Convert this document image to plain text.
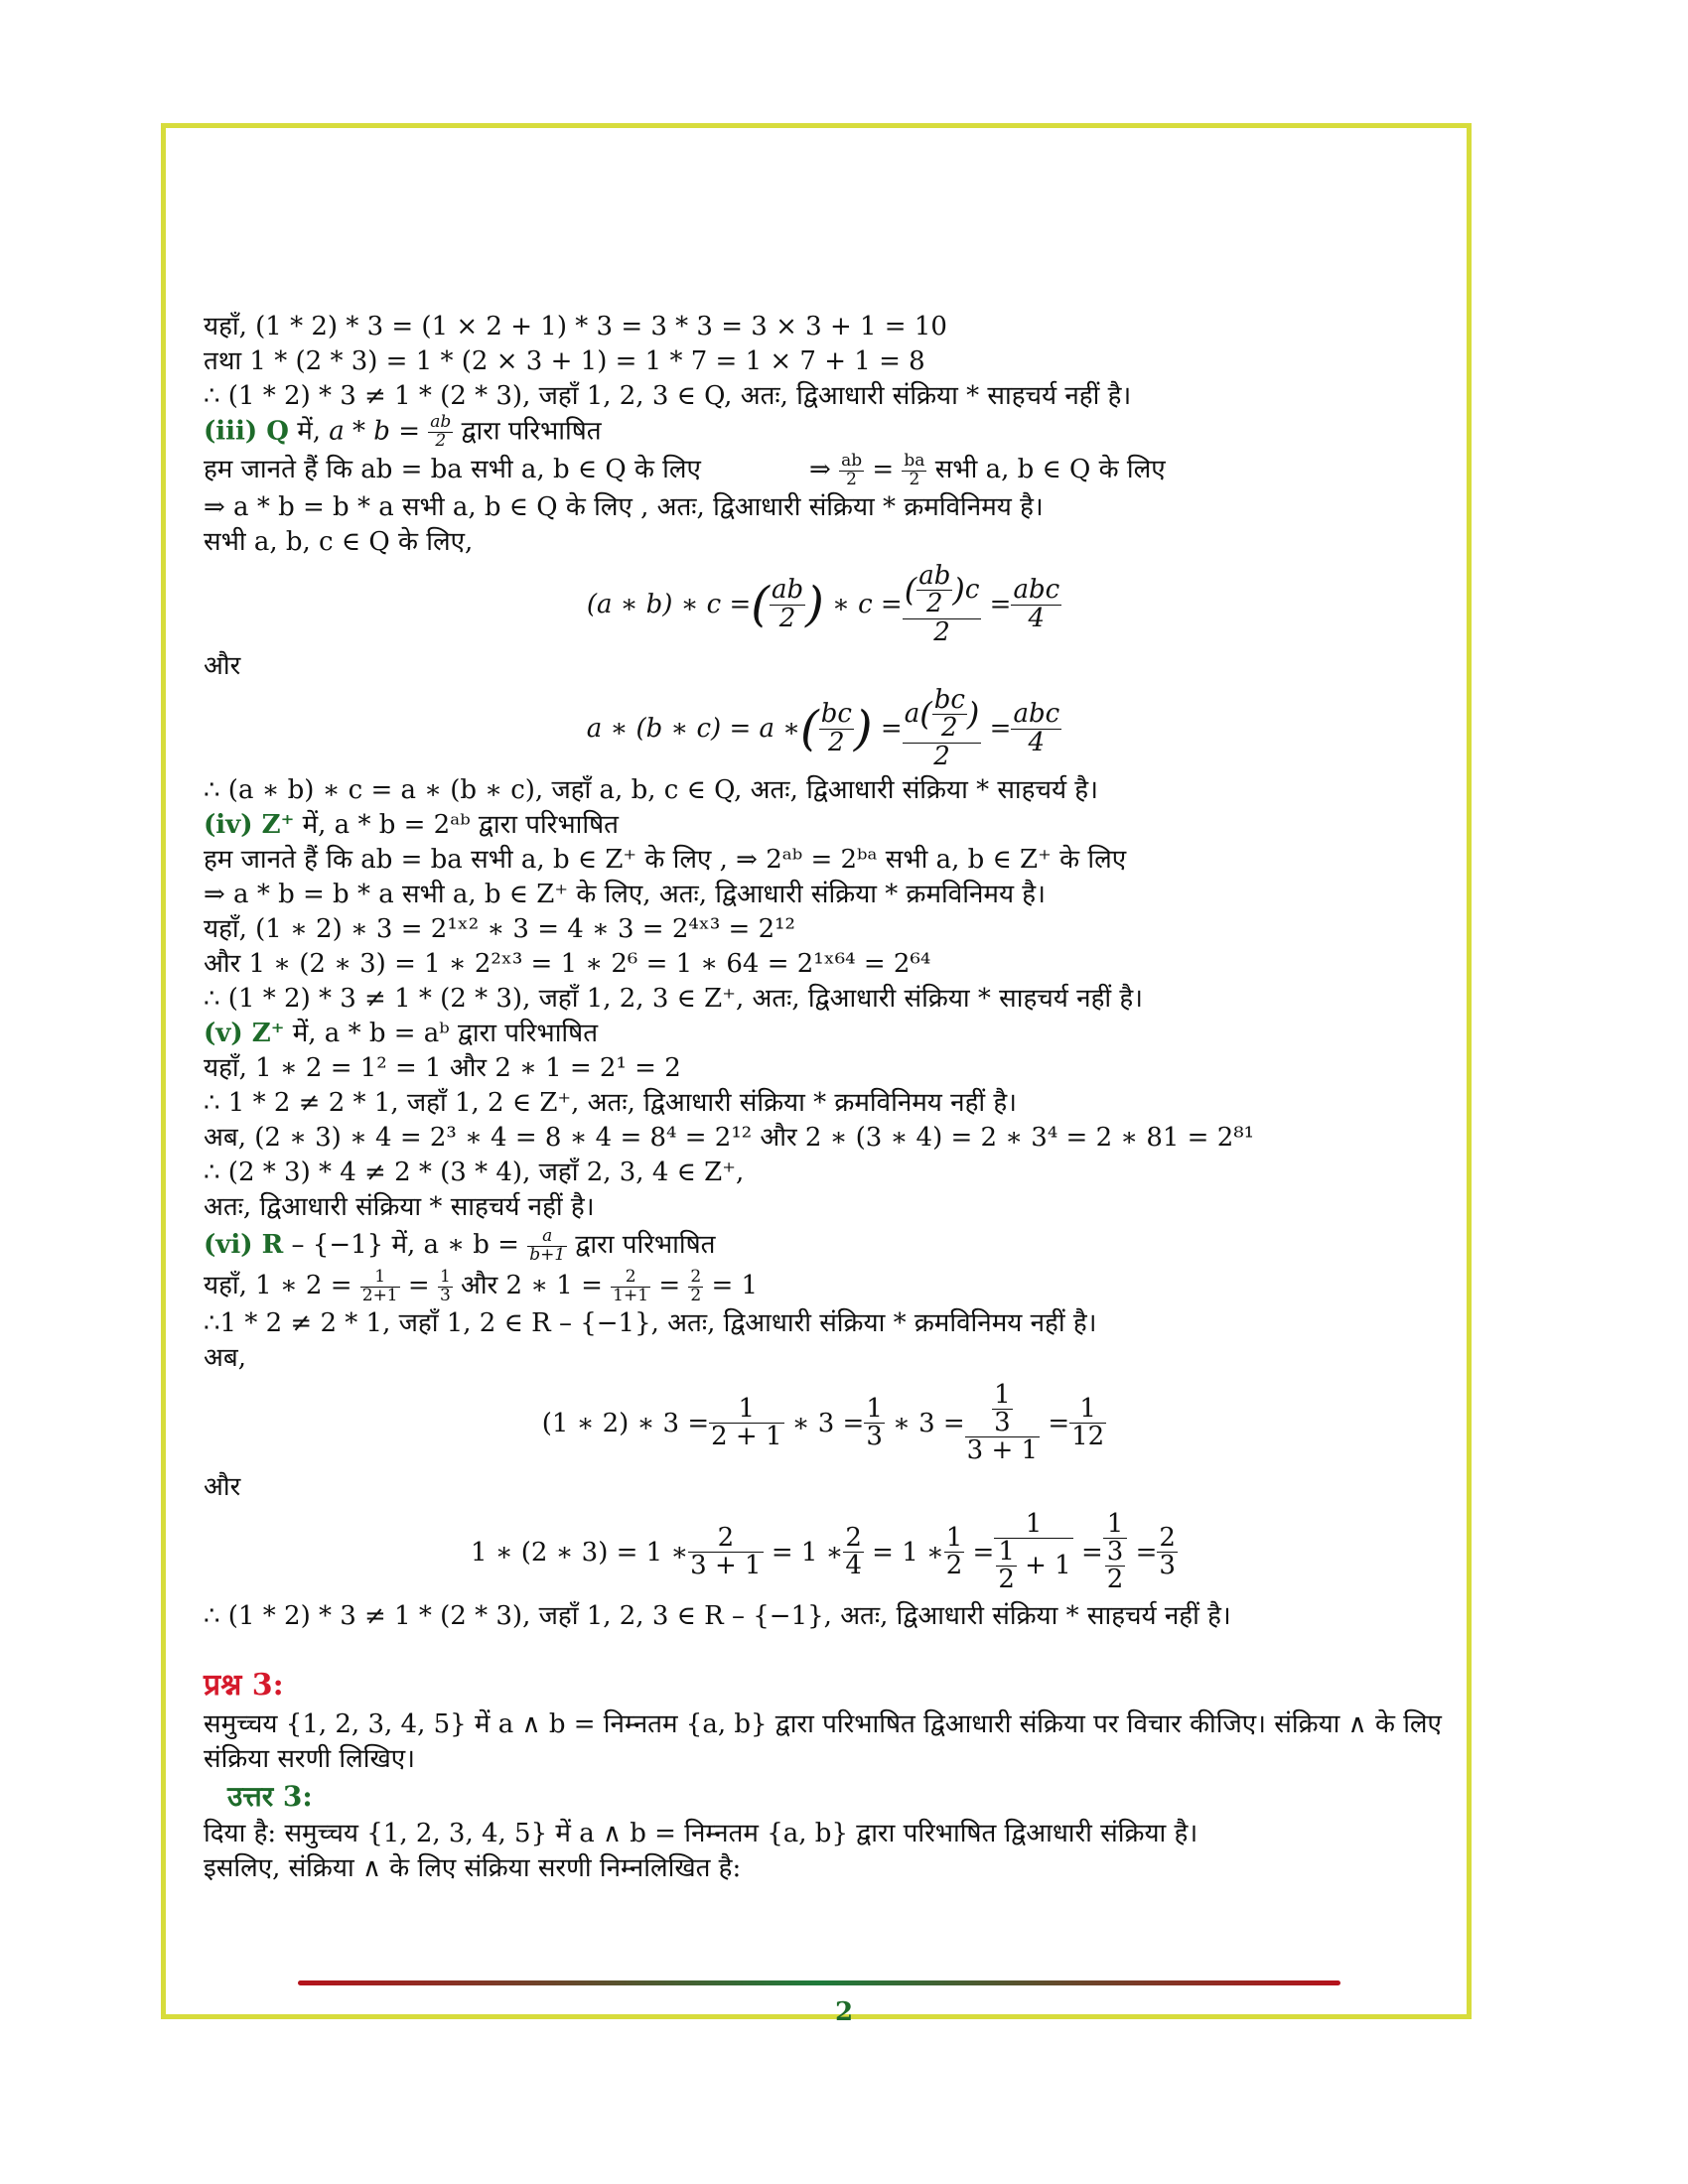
यहाँ, (1 * 2) * 3 = (1 × 2 + 1) * 3 = 3 * 3 = 3 × 3 + 1 = 10
तथा 1 * (2 * 3) = 1 * (2 × 3 + 1) = 1 * 7 = 1 × 7 + 1 = 8
∴ (1 * 2) * 3 ≠ 1 * (2 * 3), जहाँ 1, 2, 3 ∈ Q, अतः, द्विआधारी संक्रिया * साहचर्य नहीं है।
(iii) Q में, $a * b = \frac{ab}{2}$ द्वारा परिभाषित
हम जानते हैं कि ab = ba सभी a, b ∈ Q के लिए	⇒ $\frac{ab}{2} = \frac{ba}{2}$ सभी a, b ∈ Q के लिए
⇒ a * b = b * a सभी a, b ∈ Q के लिए , अतः, द्विआधारी संक्रिया * क्रमविनिमय है।
सभी a, b, c ∈ Q के लिए,
(a ∗ b) ∗ c = ( $\frac{ab}{2}$ ) ∗ $c = \frac{( \frac{ab}{2} )c}{2} = \frac{\text{abc}}{4}$
और
a ∗ (b ∗ c) = a ∗ ( $\frac{bc}{2}$ ) = $\frac{a( \frac{bc}{2} )}{2} = \frac{\text{abc}}{4}$
∴ (a ∗ b) ∗ c = a ∗ (b ∗ c), जहाँ a, b, c ∈ Q, अतः, द्विआधारी संक्रिया * साहचर्य है।
(iv) Z⁺ में, a * b = 2ᵃᵇ द्वारा परिभाषित
हम जानते हैं कि ab = ba सभी a, b ∈ Z⁺ के लिए , ⇒ 2ᵃᵇ = 2ᵇᵃ सभी a, b ∈ Z⁺ के लिए
⇒ a * b = b * a सभी a, b ∈ Z⁺ के लिए, अतः, द्विआधारी संक्रिया * क्रमविनिमय है।
यहाँ, (1 ∗ 2) ∗ 3 = 2¹ˣ² ∗ 3 = 4 ∗ 3 = 2⁴ˣ³ = 2¹²
और 1 ∗ (2 ∗ 3) = 1 ∗ 2²ˣ³ = 1 ∗ 2⁶ = 1 ∗ 64 = 2¹ˣ⁶⁴ = 2⁶⁴
∴ (1 * 2) * 3 ≠ 1 * (2 * 3), जहाँ 1, 2, 3 ∈ Z⁺, अतः, द्विआधारी संक्रिया * साहचर्य नहीं है।
(v) Z⁺ में, a * b = aᵇ द्वारा परिभाषित
यहाँ, 1 ∗ 2 = 1² = 1 और 2 ∗ 1 = 2¹ = 2
∴ 1 * 2 ≠ 2 * 1, जहाँ 1, 2 ∈ Z⁺, अतः, द्विआधारी संक्रिया * क्रमविनिमय नहीं है।
अब, (2 ∗ 3) ∗ 4 = 2³ ∗ 4 = 8 ∗ 4 = 8⁴ = 2¹² और 2 ∗ (3 ∗ 4) = 2 ∗ 3⁴ = 2 ∗ 81 = 2⁸¹
∴ (2 * 3) * 4 ≠ 2 * (3 * 4), जहाँ 2, 3, 4 ∈ Z⁺,
अतः, द्विआधारी संक्रिया * साहचर्य नहीं है।
(vi) R – {−1} में, a ∗ $b = \frac{a}{b+1}$ द्वारा परिभाषित
यहाँ, 1 ∗ $2 = \frac{1}{2+1} = \frac{1}{3}$ और 2 ∗ $1 = \frac{2}{1+1} = \frac{2}{2} = 1$
∴1 * 2 ≠ 2 * 1, जहाँ 1, 2 ∈ R – {−1}, अतः, द्विआधारी संक्रिया * क्रमविनिमय नहीं है।
अब,
(1 ∗ 2) ∗ $3 = \frac{1}{2 + 1}$ ∗ $3 = \frac{1}{3}$ ∗ $3 = \frac{\frac{1}{3}}{3 + 1} = \frac{1}{12}$
और
1 ∗ (2 ∗ 3) = 1 ∗ $\frac{2}{3 + 1} = 1$ ∗ $\frac{2}{4} = 1$ ∗ $\frac{1}{2} = \frac{1}{\frac{1}{2} + 1} = \frac{1}{\frac{3}{2}} = \frac{2}{3}$
∴ (1 * 2) * 3 ≠ 1 * (2 * 3), जहाँ 1, 2, 3 ∈ R – {−1}, अतः, द्विआधारी संक्रिया * साहचर्य नहीं है।
प्रश्न 3:
समुच्चय {1, 2, 3, 4, 5} में a ∧ b = निम्नतम {a, b} द्वारा परिभाषित द्विआधारी संक्रिया पर विचार कीजिए। संक्रिया ∧ के लिए संक्रिया सरणी लिखिए।
उत्तर 3:
दिया है: समुच्चय {1, 2, 3, 4, 5} में a ∧ b = निम्नतम {a, b} द्वारा परिभाषित द्विआधारी संक्रिया है।
इसलिए, संक्रिया ∧ के लिए संक्रिया सरणी निम्नलिखित है:
2
